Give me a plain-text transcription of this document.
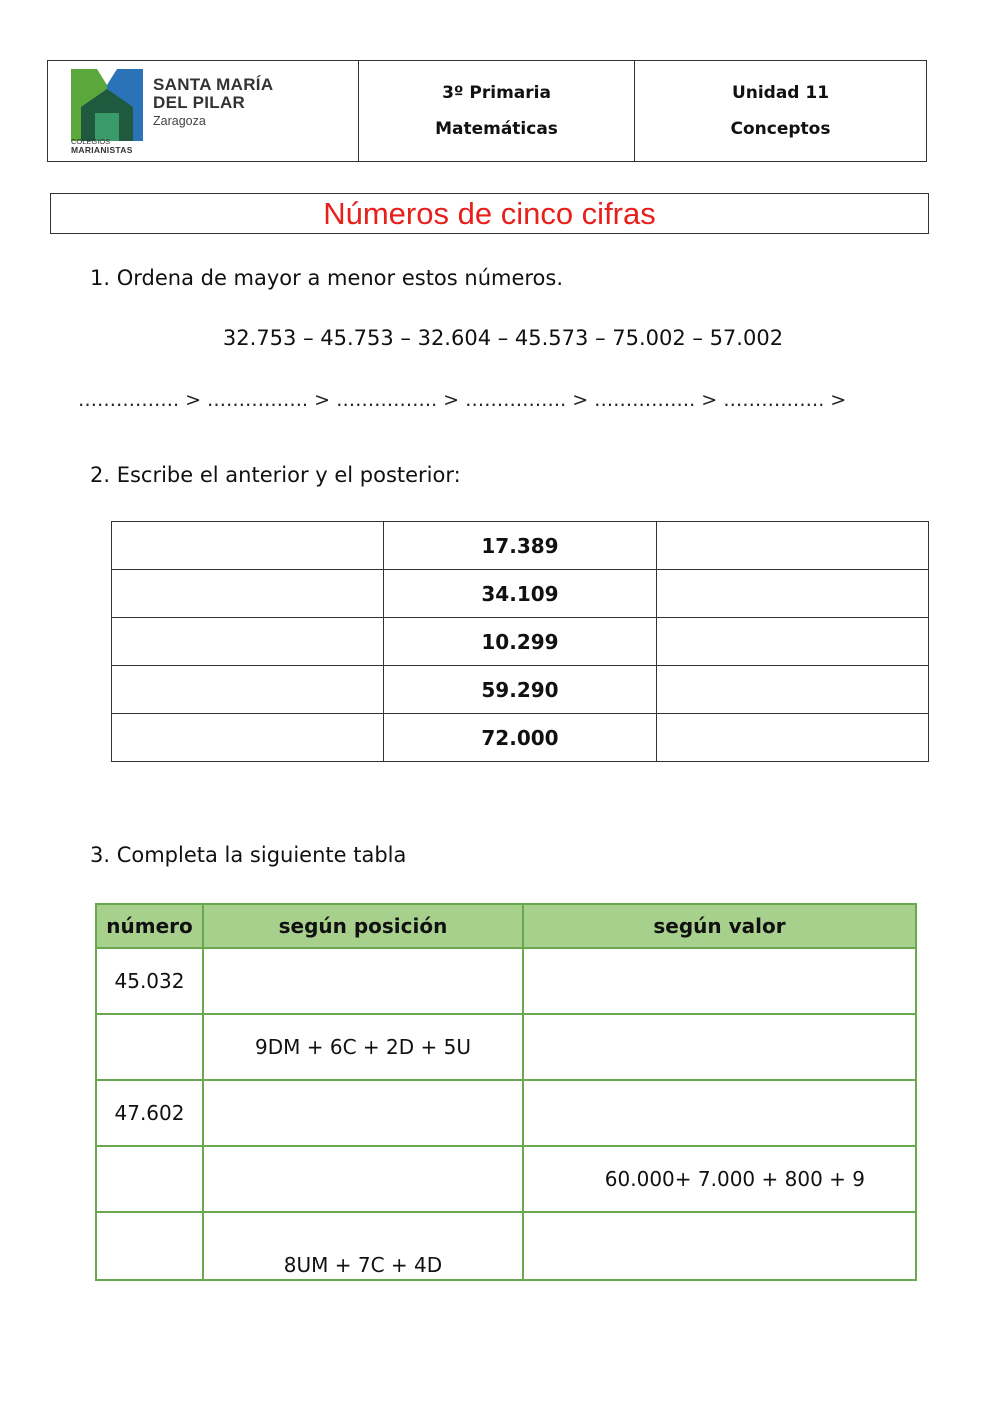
SANTA MARÍA
DEL PILAR
Zaragoza
COLEGIOS
MARIANISTAS
3º Primaria
Matemáticas
Unidad 11
Conceptos
Números de cinco cifras
1. Ordena de mayor a menor estos números.
32.753 – 45.753 – 32.604 – 45.573 – 75.002 – 57.002
……………. > ……………. > ……………. > ……………. > ……………. > ……………. >
2. Escribe el anterior y el posterior:
	17.389	
	34.109	
	10.299	
	59.290	
	72.000	
3. Completa la siguiente tabla
número	según posición	según valor
45.032		
	9DM + 6C + 2D + 5U	
47.602		
		60.000+ 7.000 + 800 + 9
	8UM + 7C + 4D	
